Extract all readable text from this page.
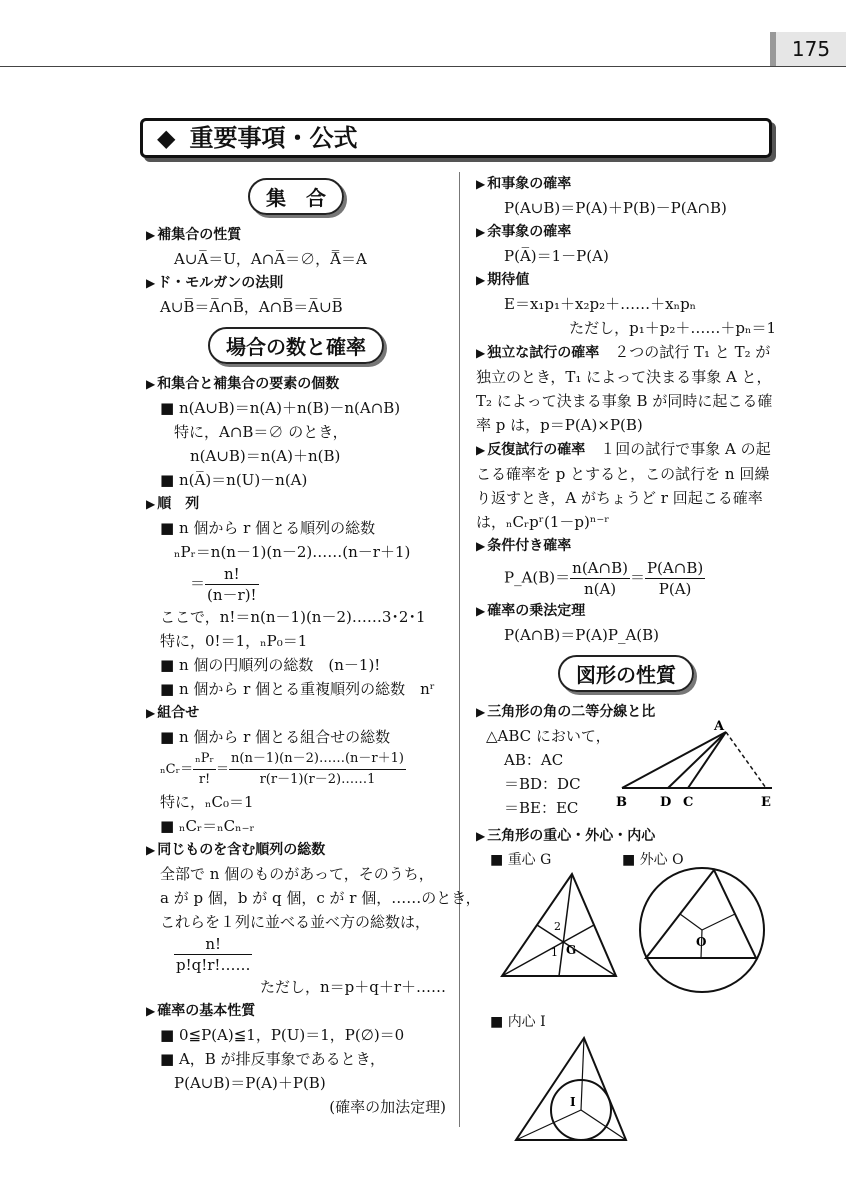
175
◆ 重要事項・公式
集　合
▶ 補集合の性質
A∪A̅＝U，A∩A̅＝∅，A̿＝A
▶ ド・モルガンの法則
A∪B̅＝A̅∩B̅，A∩B̅＝A̅∪B̅
場合の数と確率
▶ 和集合と補集合の要素の個数
■ n(A∪B)＝n(A)＋n(B)－n(A∩B)
特に，A∩B＝∅ のとき，
n(A∪B)＝n(A)＋n(B)
■ n(A̅)＝n(U)－n(A)
▶ 順　列
■ n 個から r 個とる順列の総数
ₙPᵣ＝n(n－1)(n－2)……(n－r＋1)
＝ $\frac{n!}{(n-r)!}$
ここで，n!＝n(n－1)(n－2)……3･2･1
特に，0!＝1，ₙP₀＝1
■ n 個の円順列の総数　(n－1)!
■ n 個から r 個とる重複順列の総数　nʳ
▶ 組合せ
■ n 個から r 個とる組合せの総数
ₙCᵣ＝ $\frac{\text{ₙPᵣ}}{r!} = \frac{n(n-1)(n-2)\dots\dots(n-r+1)}{r(r-1)(r-2)\dots\dots 1}$
特に，ₙC₀＝1
■ ₙCᵣ＝ₙCₙ₋ᵣ
▶ 同じものを含む順列の総数
全部で n 個のものがあって，そのうち，
a が p 個，b が q 個，c が r 個，……のとき，
これらを１列に並べる並べ方の総数は，
$\frac{n!}{p!q!r!\dots\dots}$
ただし，n＝p＋q＋r＋……
▶ 確率の基本性質
■ 0≦P(A)≦1，P(U)＝1，P(∅)＝0
■ A，B が排反事象であるとき，
P(A∪B)＝P(A)＋P(B)
(確率の加法定理)
▶ 和事象の確率
P(A∪B)＝P(A)＋P(B)－P(A∩B)
▶ 余事象の確率
P(A̅)＝1－P(A)
▶ 期待値
E＝x₁p₁＋x₂p₂＋……＋xₙpₙ
ただし，p₁＋p₂＋……＋pₙ＝1
▶ 独立な試行の確率　 ２つの試行 T₁ と T₂ が独立のとき，T₁ によって決まる事象 A と，T₂ によって決まる事象 B が同時に起こる確率 p は，p＝P(A)×P(B)
▶ 反復試行の確率　 １回の試行で事象 A の起こる確率を p とすると，この試行を n 回繰り返すとき，A がちょうど r 回起こる確率は，ₙCᵣpʳ(1－p)ⁿ⁻ʳ
▶ 条件付き確率
P_A(B)＝ $\frac{n(A\cap B)}{n(A)} = \frac{P(A\cap B)}{P(A)}$
▶ 確率の乗法定理
P(A∩B)＝P(A)P_A(B)
図形の性質
▶ 三角形の角の二等分線と比
△ABC において，
AB：AC
＝BD：DC
＝BE：EC
A
B	D C	E
▶ 三角形の重心・外心・内心
■ 重心 G	■ 外心 O
G
2
1
O
■ 内心 I
I
